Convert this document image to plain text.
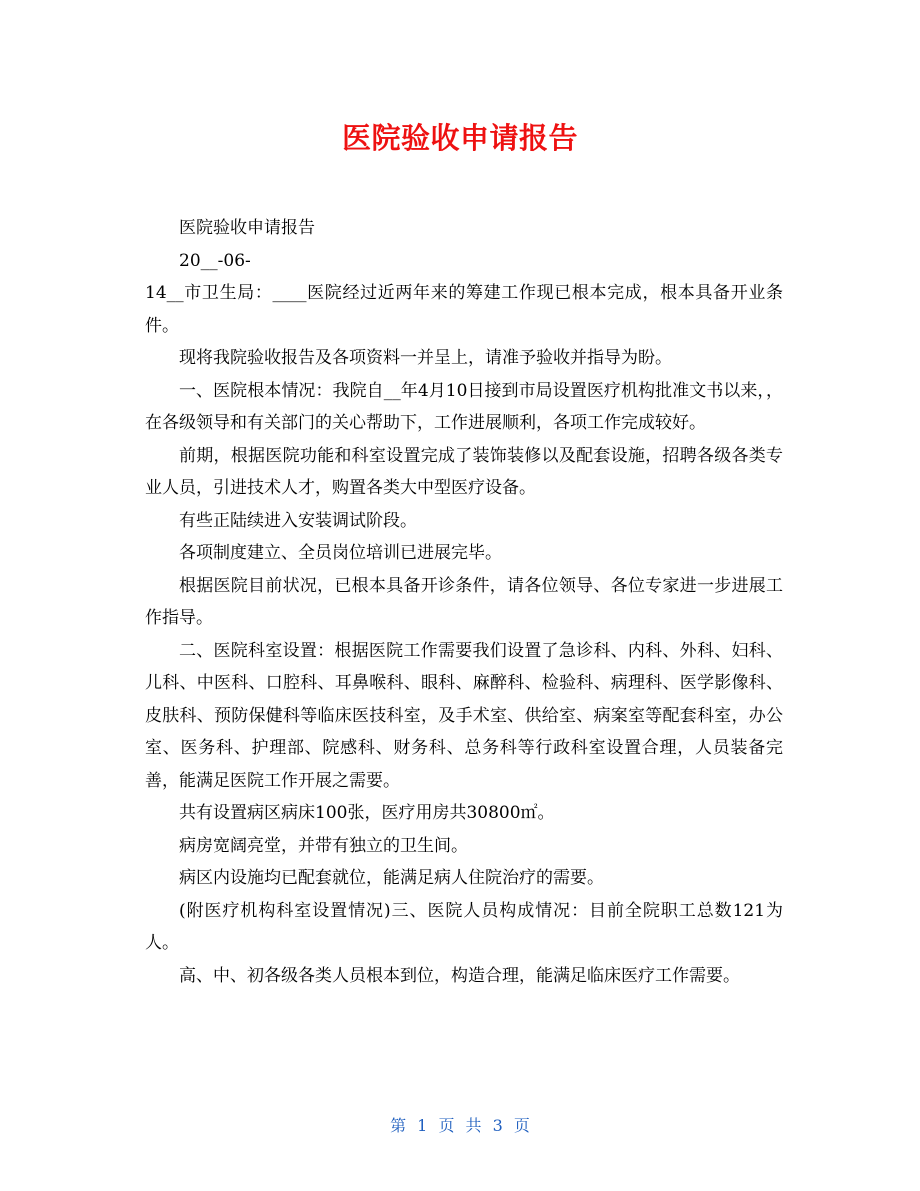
医院验收申请报告

医院验收申请报告

20__-06-

14__市卫生局：____医院经过近两年来的筹建工作现已根本完成，根本具备开业条件。

现将我院验收报告及各项资料一并呈上，请准予验收并指导为盼。

一、医院根本情况：我院自__年4月10日接到市局设置医疗机构批准文书以来，，在各级领导和有关部门的关心帮助下，工作进展顺利，各项工作完成较好。

前期，根据医院功能和科室设置完成了装饰装修以及配套设施，招聘各级各类专业人员，引进技术人才，购置各类大中型医疗设备。

有些正陆续进入安装调试阶段。

各项制度建立、全员岗位培训已进展完毕。

根据医院目前状况，已根本具备开诊条件，请各位领导、各位专家进一步进展工作指导。

二、医院科室设置：根据医院工作需要我们设置了急诊科、内科、外科、妇科、儿科、中医科、口腔科、耳鼻喉科、眼科、麻醉科、检验科、病理科、医学影像科、皮肤科、预防保健科等临床医技科室，及手术室、供给室、病案室等配套科室，办公室、医务科、护理部、院感科、财务科、总务科等行政科室设置合理，人员装备完善，能满足医院工作开展之需要。

共有设置病区病床100张，医疗用房共30800㎡。

病房宽阔亮堂，并带有独立的卫生间。

病区内设施均已配套就位，能满足病人住院治疗的需要。

(附医疗机构科室设置情况)三、医院人员构成情况：目前全院职工总数121为人。

高、中、初各级各类人员根本到位，构造合理，能满足临床医疗工作需要。

第 1 页 共 3 页
